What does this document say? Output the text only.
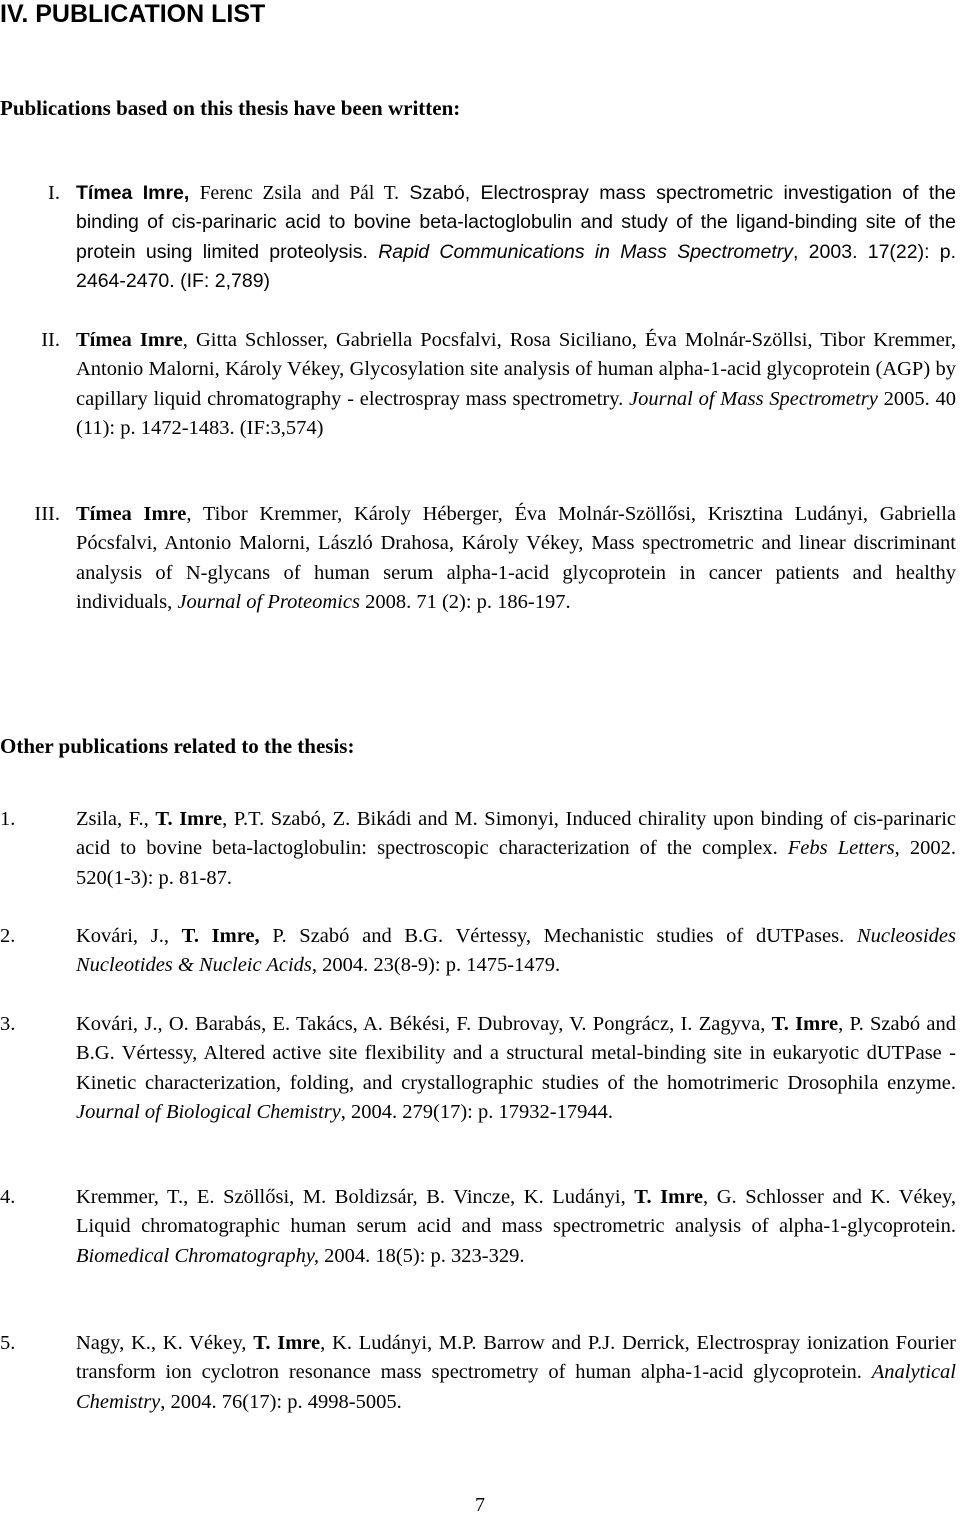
IV. PUBLICATION LIST
Publications based on this thesis have been written:
I. Tímea Imre, Ferenc Zsila and Pál T. Szabó, Electrospray mass spectrometric investigation of the binding of cis-parinaric acid to bovine beta-lactoglobulin and study of the ligand-binding site of the protein using limited proteolysis. Rapid Communications in Mass Spectrometry, 2003. 17(22): p. 2464-2470. (IF: 2,789)
II. Tímea Imre, Gitta Schlosser, Gabriella Pocsfalvi, Rosa Siciliano, Éva Molnár-Szöllsi, Tibor Kremmer, Antonio Malorni, Károly Vékey, Glycosylation site analysis of human alpha-1-acid glycoprotein (AGP) by capillary liquid chromatography - electrospray mass spectrometry. Journal of Mass Spectrometry 2005. 40 (11): p. 1472-1483. (IF:3,574)
III. Tímea Imre, Tibor Kremmer, Károly Héberger, Éva Molnár-Szöllősi, Krisztina Ludányi, Gabriella Pócsfalvi, Antonio Malorni, László Drahosa, Károly Vékey, Mass spectrometric and linear discriminant analysis of N-glycans of human serum alpha-1-acid glycoprotein in cancer patients and healthy individuals, Journal of Proteomics 2008. 71 (2): p. 186-197.
Other publications related to the thesis:
1.	Zsila, F., T. Imre, P.T. Szabó, Z. Bikádi and M. Simonyi, Induced chirality upon binding of cis-parinaric acid to bovine beta-lactoglobulin: spectroscopic characterization of the complex. Febs Letters, 2002. 520(1-3): p. 81-87.
2.	Kovári, J., T. Imre, P. Szabó and B.G. Vértessy, Mechanistic studies of dUTPases. Nucleosides Nucleotides & Nucleic Acids, 2004. 23(8-9): p. 1475-1479.
3.	Kovári, J., O. Barabás, E. Takács, A. Békési, F. Dubrovay, V. Pongrácz, I. Zagyva, T. Imre, P. Szabó and B.G. Vértessy, Altered active site flexibility and a structural metal-binding site in eukaryotic dUTPase - Kinetic characterization, folding, and crystallographic studies of the homotrimeric Drosophila enzyme. Journal of Biological Chemistry, 2004. 279(17): p. 17932-17944.
4.	Kremmer, T., E. Szöllősi, M. Boldizsár, B. Vincze, K. Ludányi, T. Imre, G. Schlosser and K. Vékey, Liquid chromatographic human serum acid and mass spectrometric analysis of alpha-1-glycoprotein. Biomedical Chromatography, 2004. 18(5): p. 323-329.
5.	Nagy, K., K. Vékey, T. Imre, K. Ludányi, M.P. Barrow and P.J. Derrick, Electrospray ionization Fourier transform ion cyclotron resonance mass spectrometry of human alpha-1-acid glycoprotein. Analytical Chemistry, 2004. 76(17): p. 4998-5005.
7
